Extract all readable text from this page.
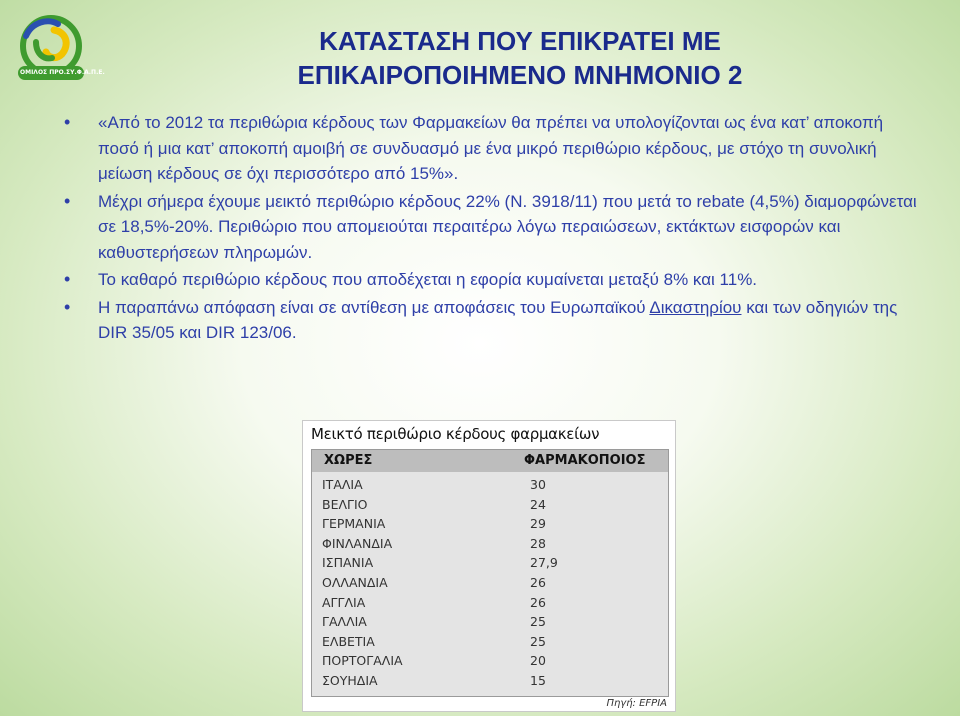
ΟΜΙΛΟΣ ΠΡΟ.ΣΥ.Φ.Α.Π.Ε.
ΚΑΤΑΣΤΑΣΗ ΠΟΥ ΕΠΙΚΡΑΤΕΙ ΜΕ
ΕΠΙΚΑΙΡΟΠΟΙΗΜΕΝΟ ΜΝΗΜΟΝΙΟ 2
• «Από το 2012 τα περιθώρια κέρδους των Φαρμακείων θα πρέπει να υπολογίζονται ως ένα κατ’ αποκοπή ποσό ή μια κατ’ αποκοπή αμοιβή σε συνδυασμό με ένα μικρό περιθώριο κέρδους, με στόχο τη συνολική μείωση κέρδους σε όχι περισσότερο από 15%».
• Μέχρι σήμερα έχουμε μεικτό περιθώριο κέρδους 22% (Ν. 3918/11) που μετά το rebate (4,5%) διαμορφώνεται σε 18,5%-20%. Περιθώριο που απομειούται περαιτέρω λόγω περαιώσεων, εκτάκτων εισφορών και καθυστερήσεων πληρωμών.
• Το καθαρό περιθώριο κέρδους που αποδέχεται η εφορία κυμαίνεται μεταξύ 8% και 11%.
• Η παραπάνω απόφαση είναι σε αντίθεση με αποφάσεις του Ευρωπαϊκού Δικαστηρίου και των οδηγιών της DIR 35/05 και DIR 123/06.
Μεικτό περιθώριο κέρδους φαρμακείων
ΧΩΡΕΣ	ΦΑΡΜΑΚΟΠΟΙΟΣ
ΙΤΑΛΙΑ	30
ΒΕΛΓΙΟ	24
ΓΕΡΜΑΝΙΑ	29
ΦΙΝΛΑΝΔΙΑ	28
ΙΣΠΑΝΙΑ	27,9
ΟΛΛΑΝΔΙΑ	26
ΑΓΓΛΙΑ	26
ΓΑΛΛΙΑ	25
ΕΛΒΕΤΙΑ	25
ΠΟΡΤΟΓΑΛΙΑ	20
ΣΟΥΗΔΙΑ	15
Πηγή: ΕFPIA
